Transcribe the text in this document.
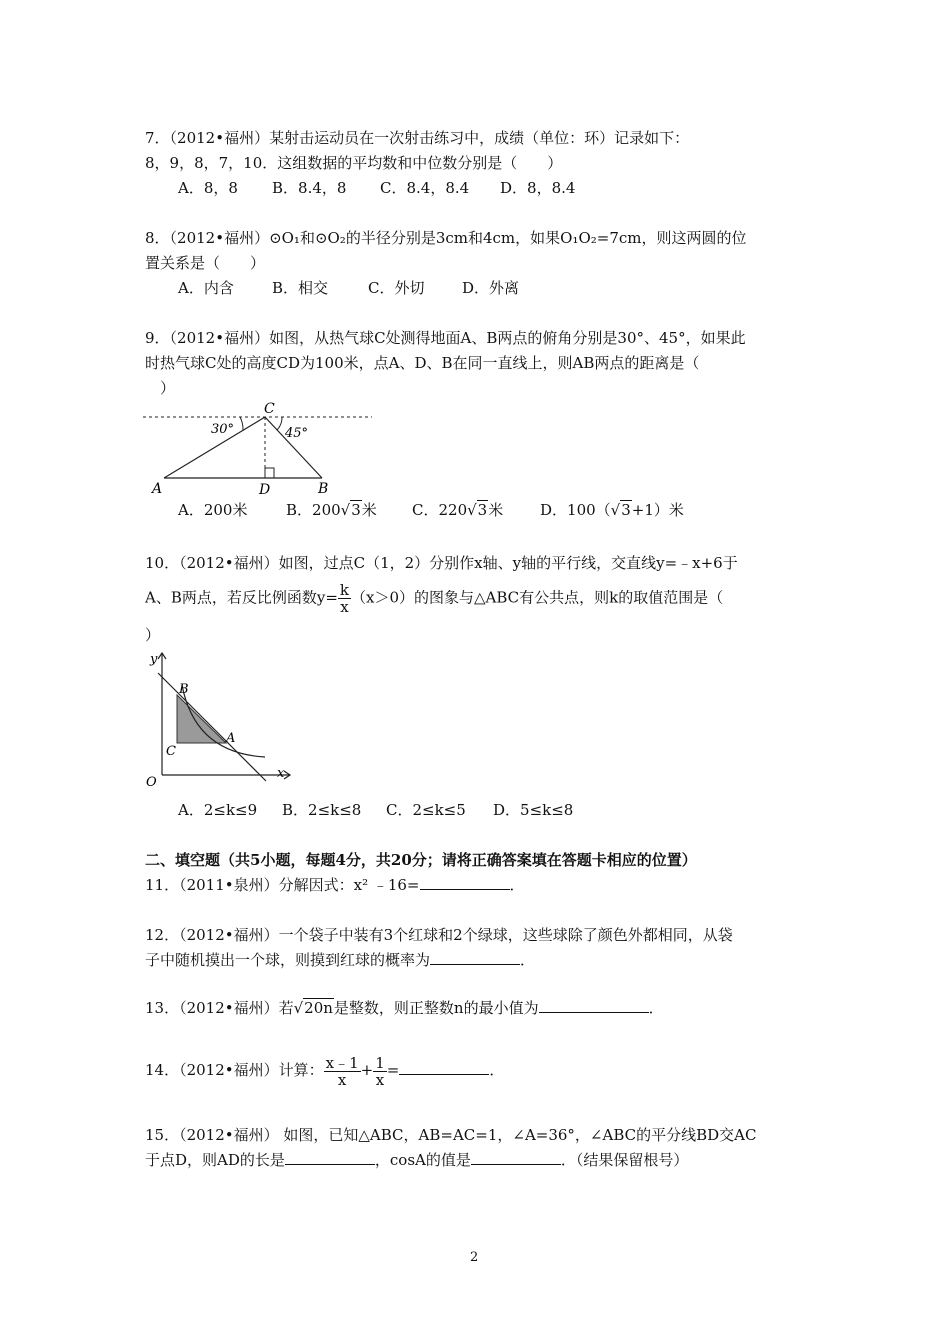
7．（2012•福州）某射击运动员在一次射击练习中，成绩（单位：环）记录如下：
8，9，8，7，10．这组数据的平均数和中位数分别是（　　）
A．8，8 B．8.4，8 C．8.4，8.4 D．8，8.4
8．（2012•福州）⊙O₁和⊙O₂的半径分别是3cm和4cm，如果O₁O₂=7cm，则这两圆的位
置关系是（　　）
A．内含	B．相交	C．外切	D．外离
9．（2012•福州）如图，从热气球C处测得地面A、B两点的俯角分别是30°、45°，如果此
时热气球C处的高度CD为100米，点A、D、B在同一直线上，则AB两点的距离是（
　）
30°	45°
C
A	D	B
A．200米	B．200√3米 C．220√3米 D．100（√3+1）米
10．（2012•福州）如图，过点C（1，2）分别作x轴、y轴的平行线，交直线y=﹣x+6于
A、B两点，若反比例函数$y= \frac{k}{x} (x>0)$的图象与△ABC有公共点，则k的取值范围是（
）
y
x
O
B
C
A
A．2≤k≤9 B．2≤k≤8 C．2≤k≤5 D．5≤k≤8
二、填空题（共5小题，每题4分，共20分；请将正确答案填在答题卡相应的位置）
11．（2011•泉州）分解因式：x² ﹣16=	．
12．（2012•福州）一个袋子中装有3个红球和2个绿球，这些球除了颜色外都相同，从袋
子中随机摸出一个球，则摸到红球的概率为	．
13．（2012•福州）若√20n是整数，则正整数n的最小值为	．
14．（2012•福州）计算： $\frac{x﹣1}{x} + \frac{1}{x}$ =	．
15．（2012•福州） 如图，已知△ABC，AB=AC=1，∠A=36°，∠ABC的平分线BD交AC
于点D，则AD的长是	，cosA的值是	．（结果保留根号）
2
